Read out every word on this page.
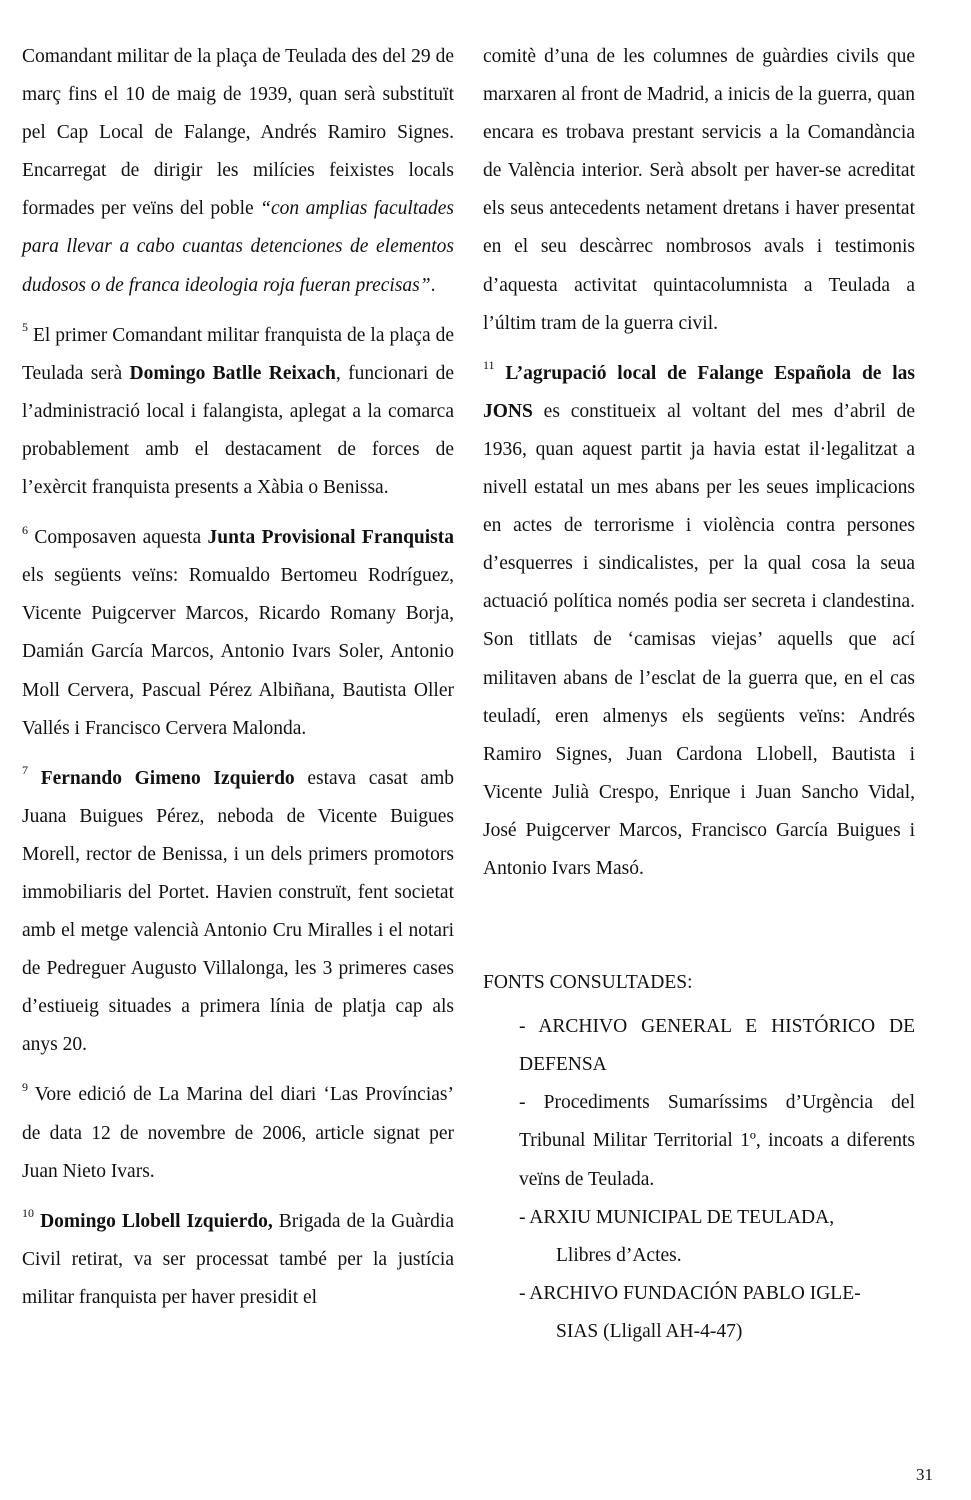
Comandant militar de la plaça de Teulada des del 29 de març fins el 10 de maig de 1939, quan serà substituït pel Cap Local de Falange, Andrés Ramiro Signes. Encarregat de dirigir les milícies feixistes locals formades per veïns del poble “con amplias facultades para llevar a cabo cuantas detenciones de elementos dudosos o de franca ideologia roja fueran precisas”.

$^5$ El primer Comandant militar franquista de la plaça de Teulada serà Domingo Batlle Reixach, funcionari de l’administració local i falangista, aplegat a la comarca probablement amb el destacament de forces de l’exèrcit franquista presents a Xàbia o Benissa.

$^6$ Composaven aquesta Junta Provisional Franquista els següents veïns: Romualdo Bertomeu Rodríguez, Vicente Puigcerver Marcos, Ricardo Romany Borja, Damián García Marcos, Antonio Ivars Soler, Antonio Moll Cervera, Pascual Pérez Albiñana, Bautista Oller Vallés i Francisco Cervera Malonda.

$^7$ Fernando Gimeno Izquierdo estava casat amb Juana Buigues Pérez, neboda de Vicente Buigues Morell, rector de Benissa, i un dels primers promotors immobiliaris del Portet. Havien construït, fent societat amb el metge valencià Antonio Cru Miralles i el notari de Pedreguer Augusto Villalonga, les 3 primeres cases d’estiueig situades a primera línia de platja cap als anys 20.

$^9$ Vore edició de La Marina del diari ‘Las Províncias’ de data 12 de novembre de 2006, article signat per Juan Nieto Ivars.

$^{10}$ Domingo Llobell Izquierdo, Brigada de la Guàrdia Civil retirat, va ser processat també per la justícia militar franquista per haver presidit el

comitè d’una de les columnes de guàrdies civils que marxaren al front de Madrid, a inicis de la guerra, quan encara es trobava prestant servicis a la Comandància de València interior. Serà absolt per haver-se acreditat els seus antecedents netament dretans i haver presentat en el seu descàrrec nombrosos avals i testimonis d’aquesta activitat quintacolumnista a Teulada a l’últim tram de la guerra civil.

$^{11}$ L’agrupació local de Falange Española de las JONS es constitueix al voltant del mes d’abril de 1936, quan aquest partit ja havia estat il·legalitzat a nivell estatal un mes abans per les seues implicacions en actes de terrorisme i violència contra persones d’esquerres i sindicalistes, per la qual cosa la seua actuació política només podia ser secreta i clandestina. Son titllats de ‘camisas viejas’ aquells que ací militaven abans de l’esclat de la guerra que, en el cas teuladí, eren almenys els següents veïns: Andrés Ramiro Signes, Juan Cardona Llobell, Bautista i Vicente Julià Crespo, Enrique i Juan Sancho Vidal, José Puigcerver Marcos, Francisco García Buigues i Antonio Ivars Masó.

FONTS CONSULTADES:
- ARCHIVO GENERAL E HISTÓRICO DE DEFENSA
- Procediments Sumaríssims d’Urgència del Tribunal Militar Territorial 1º, incoats a diferents veïns de Teulada.
- ARXIU MUNICIPAL DE TEULADA,
Llibres d’Actes.
- ARCHIVO FUNDACIÓN PABLO IGLE-
SIAS (Lligall AH-4-47)
31
